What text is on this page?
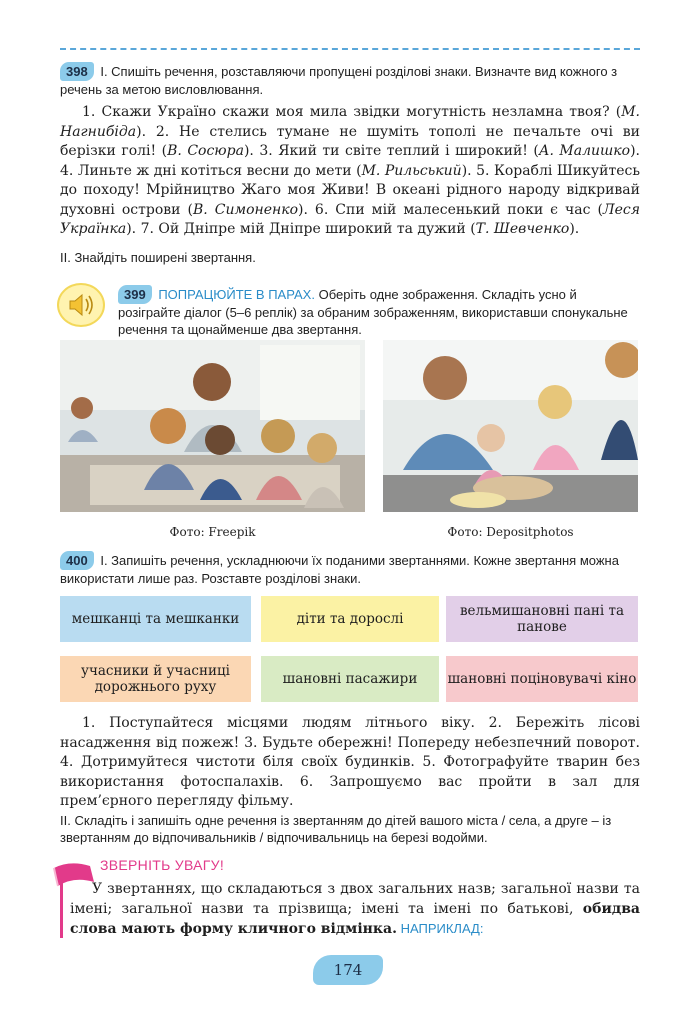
398 І. Спишіть речення, розставляючи пропущені розділові знаки. Визначте вид кожного з речень за метою висловлювання.
1. Скажи Україно скажи моя мила звідки могутність незламна твоя? (М. Нагнибіда). 2. Не стелись тумане не шуміть тополі не печальте очі ви берізки голі! (В. Сосюра). 3. Який ти світе теплий і широкий! (А. Малишко). 4. Линьте ж дні котіться весни до мети (М. Рильський). 5. Кораблі Шикуйтесь до походу! Мрійництво Жаго моя Живи! В океані рідного народу відкривай духовні острови (В. Симоненко). 6. Спи мій малесенький поки є час (Леся Українка). 7. Ой Дніпре мій Дніпре широкий та дужий (Т. Шевченко).
ІІ. Знайдіть поширені звертання.
399 ПОПРАЦЮЙТЕ В ПАРАХ. Оберіть одне зображення. Складіть усно й розіграйте діалог (5–6 реплік) за обраним зображенням, використавши спонукальне речення та щонайменше два звертання.
Фото: Freepik	Фото: Depositphotos
400 І. Запишіть речення, ускладнюючи їх поданими звертаннями. Кожне звертання можна використати лише раз. Розставте розділові знаки.
мешканці та мешканки	діти та дорослі	вельмишановні пані та панове
учасники й учасниці дорожнього руху	шановні пасажири	шановні поціновувачі кіно
1. Поступайтеся місцями людям літнього віку. 2. Бережіть лісові насадження від пожеж! 3. Будьте обережні! Попереду небезпечний поворот. 4. Дотримуйтеся чистоти біля своїх будинків. 5. Фотографуйте тварин без використання фотоспалахів. 6. Запрошуємо вас пройти в зал для прем’єрного перегляду фільму.
ІІ. Складіть і запишіть одне речення із звертанням до дітей вашого міста / села, а друге – із звертанням до відпочивальників / відпочивальниць на березі водойми.
ЗВЕРНІТЬ УВАГУ!
У звертаннях, що складаються з двох загальних назв; загальної назви та імені; загальної назви та прізвища; імені та імені по батькові, обидва слова мають форму кличного відмінка. НАПРИКЛАД:
174
